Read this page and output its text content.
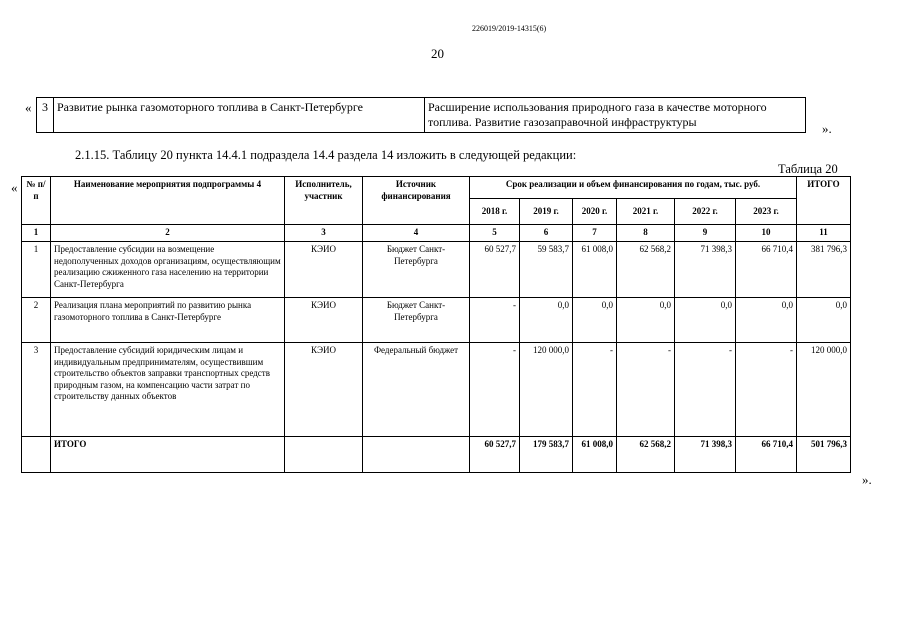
226019/2019-14315(6)
20
« 3	Развитие рынка газомоторного топлива в Санкт-Петербурге	Расширение использования природного газа в качестве моторного топлива. Развитие газозаправочной инфраструктуры	».
2.1.15. Таблицу 20 пункта 14.4.1 подраздела 14.4 раздела 14 изложить в следующей редакции:
Таблица 20
«
».
№ п/п	Наименование мероприятия подпрограммы 4	Исполнитель, участник	Источник финансирования	Срок реализации и объем финансирования по годам, тыс. руб.						ИТОГО
				2018 г.	2019 г.	2020 г.	2021 г.	2022 г.	2023 г.	
1	2	3	4	5	6	7	8	9	10	11
1	Предоставление субсидии на возмещение недополученных доходов организациям, осуществляющим реализацию сжиженного газа населению на территории Санкт-Петербурга	КЭИО	Бюджет Санкт-Петербурга	60 527,7	59 583,7	61 008,0	62 568,2	71 398,3	66 710,4	381 796,3
2	Реализация плана мероприятий по развитию рынка газомоторного топлива в Санкт-Петербурге	КЭИО	Бюджет Санкт-Петербурга	-	0,0	0,0	0,0	0,0	0,0	0,0
3	Предоставление субсидий юридическим лицам и индивидуальным предпринимателям, осуществившим строительство объектов заправки транспортных средств природным газом, на компенсацию части затрат по строительству данных объектов	КЭИО	Федеральный бюджет	-	120 000,0	-	-	-	-	120 000,0
	ИТОГО			60 527,7	179 583,7	61 008,0	62 568,2	71 398,3	66 710,4	501 796,3
